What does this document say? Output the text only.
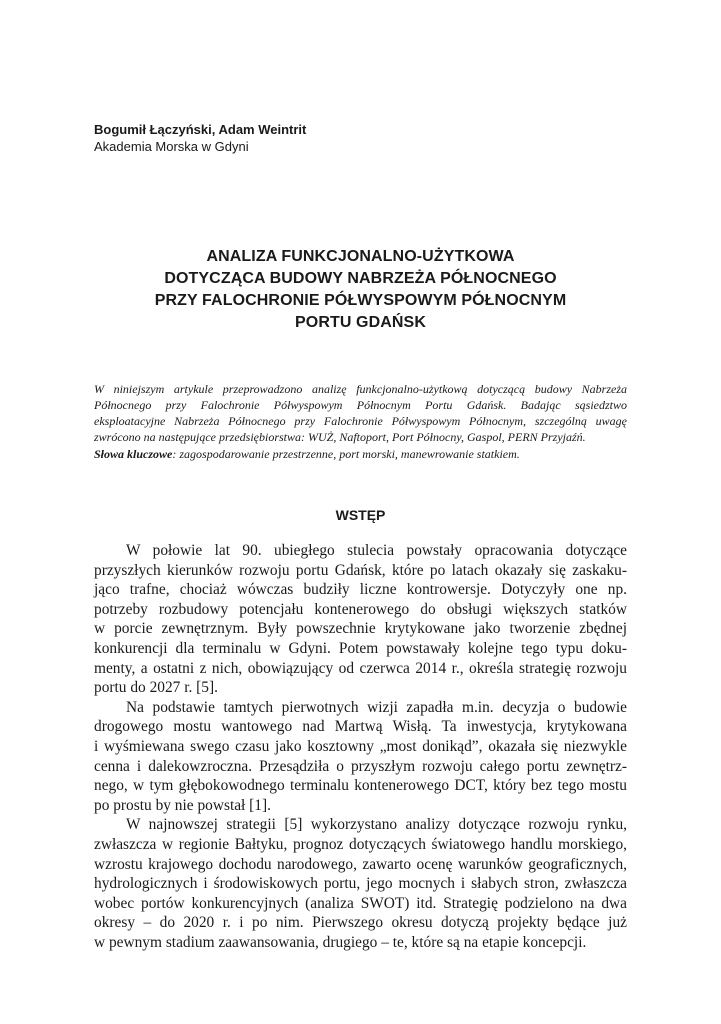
Bogumił Łączyński, Adam Weintrit
Akademia Morska w Gdyni
ANALIZA FUNKCJONALNO-UŻYTKOWA
DOTYCZĄCA BUDOWY NABRZEŻA PÓŁNOCNEGO
PRZY FALOCHRONIE PÓŁWYSPOWYM PÓŁNOCNYM
PORTU GDAŃSK
W niniejszym artykule przeprowadzono analizę funkcjonalno-użytkową dotyczącą budowy Nabrzeża
Północnego przy Falochronie Półwyspowym Północnym Portu Gdańsk. Badając sąsiedztwo
eksploatacyjne Nabrzeża Północnego przy Falochronie Półwyspowym Północnym, szczególną uwagę
zwrócono na następujące przedsiębiorstwa: WUŻ, Naftoport, Port Północny, Gaspol, PERN Przyjaźń.
Słowa kluczowe: zagospodarowanie przestrzenne, port morski, manewrowanie statkiem.
WSTĘP
W połowie lat 90. ubiegłego stulecia powstały opracowania dotyczące
przyszłych kierunków rozwoju portu Gdańsk, które po latach okazały się zaskaku-
jąco trafne, chociaż wówczas budziły liczne kontrowersje. Dotyczyły one np.
potrzeby rozbudowy potencjału kontenerowego do obsługi większych statków
w porcie zewnętrznym. Były powszechnie krytykowane jako tworzenie zbędnej
konkurencji dla terminalu w Gdyni. Potem powstawały kolejne tego typu doku-
menty, a ostatni z nich, obowiązujący od czerwca 2014 r., określa strategię rozwoju
portu do 2027 r. [5].
Na podstawie tamtych pierwotnych wizji zapadła m.in. decyzja o budowie
drogowego mostu wantowego nad Martwą Wisłą. Ta inwestycja, krytykowana
i wyśmiewana swego czasu jako kosztowny „most donikąd”, okazała się niezwykle
cenna i dalekowzroczna. Przesądziła o przyszłym rozwoju całego portu zewnętrz-
nego, w tym głębokowodnego terminalu kontenerowego DCT, który bez tego mostu
po prostu by nie powstał [1].
W najnowszej strategii [5] wykorzystano analizy dotyczące rozwoju rynku,
zwłaszcza w regionie Bałtyku, prognoz dotyczących światowego handlu morskiego,
wzrostu krajowego dochodu narodowego, zawarto ocenę warunków geograficznych,
hydrologicznych i środowiskowych portu, jego mocnych i słabych stron, zwłaszcza
wobec portów konkurencyjnych (analiza SWOT) itd. Strategię podzielono na dwa
okresy – do 2020 r. i po nim. Pierwszego okresu dotyczą projekty będące już
w pewnym stadium zaawansowania, drugiego – te, które są na etapie koncepcji.
